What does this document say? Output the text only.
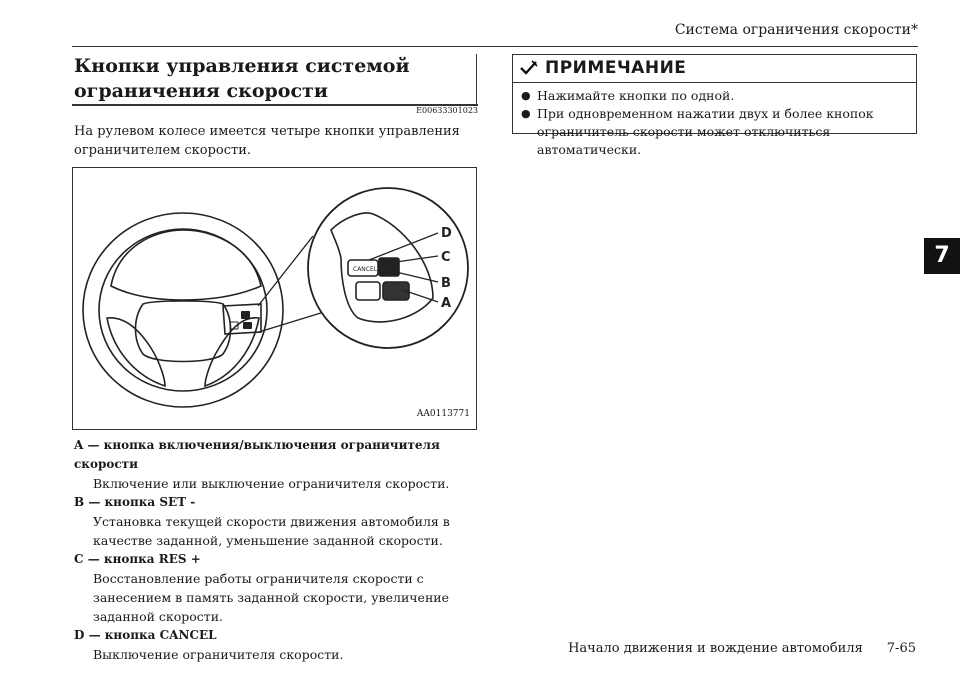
Система ограничения скорости*
Кнопки управления системой ограничения скорости
E00633301023
На рулевом колесе имеется четыре кнопки управления ограничителем скорости.
CANCEL
D
C
B
A
AA0113771
A — кнопка включения/выключения ограничителя скорости
Включение или выключение ограничителя скорости.
B — кнопка SET -
Установка текущей скорости движения автомобиля в качестве заданной, уменьшение заданной скорости.
C — кнопка RES +
Восстановление работы ограничителя скорости с занесением в память заданной скорости, увеличение заданной скорости.
D — кнопка CANCEL
Выключение ограничителя скорости.
ПРИМЕЧАНИЕ
● Нажимайте кнопки по одной.
● При одновременном нажатии двух и более кнопок ограничитель скорости может отключиться автоматически.
7
Начало движения и вождение автомобиля 7-65
